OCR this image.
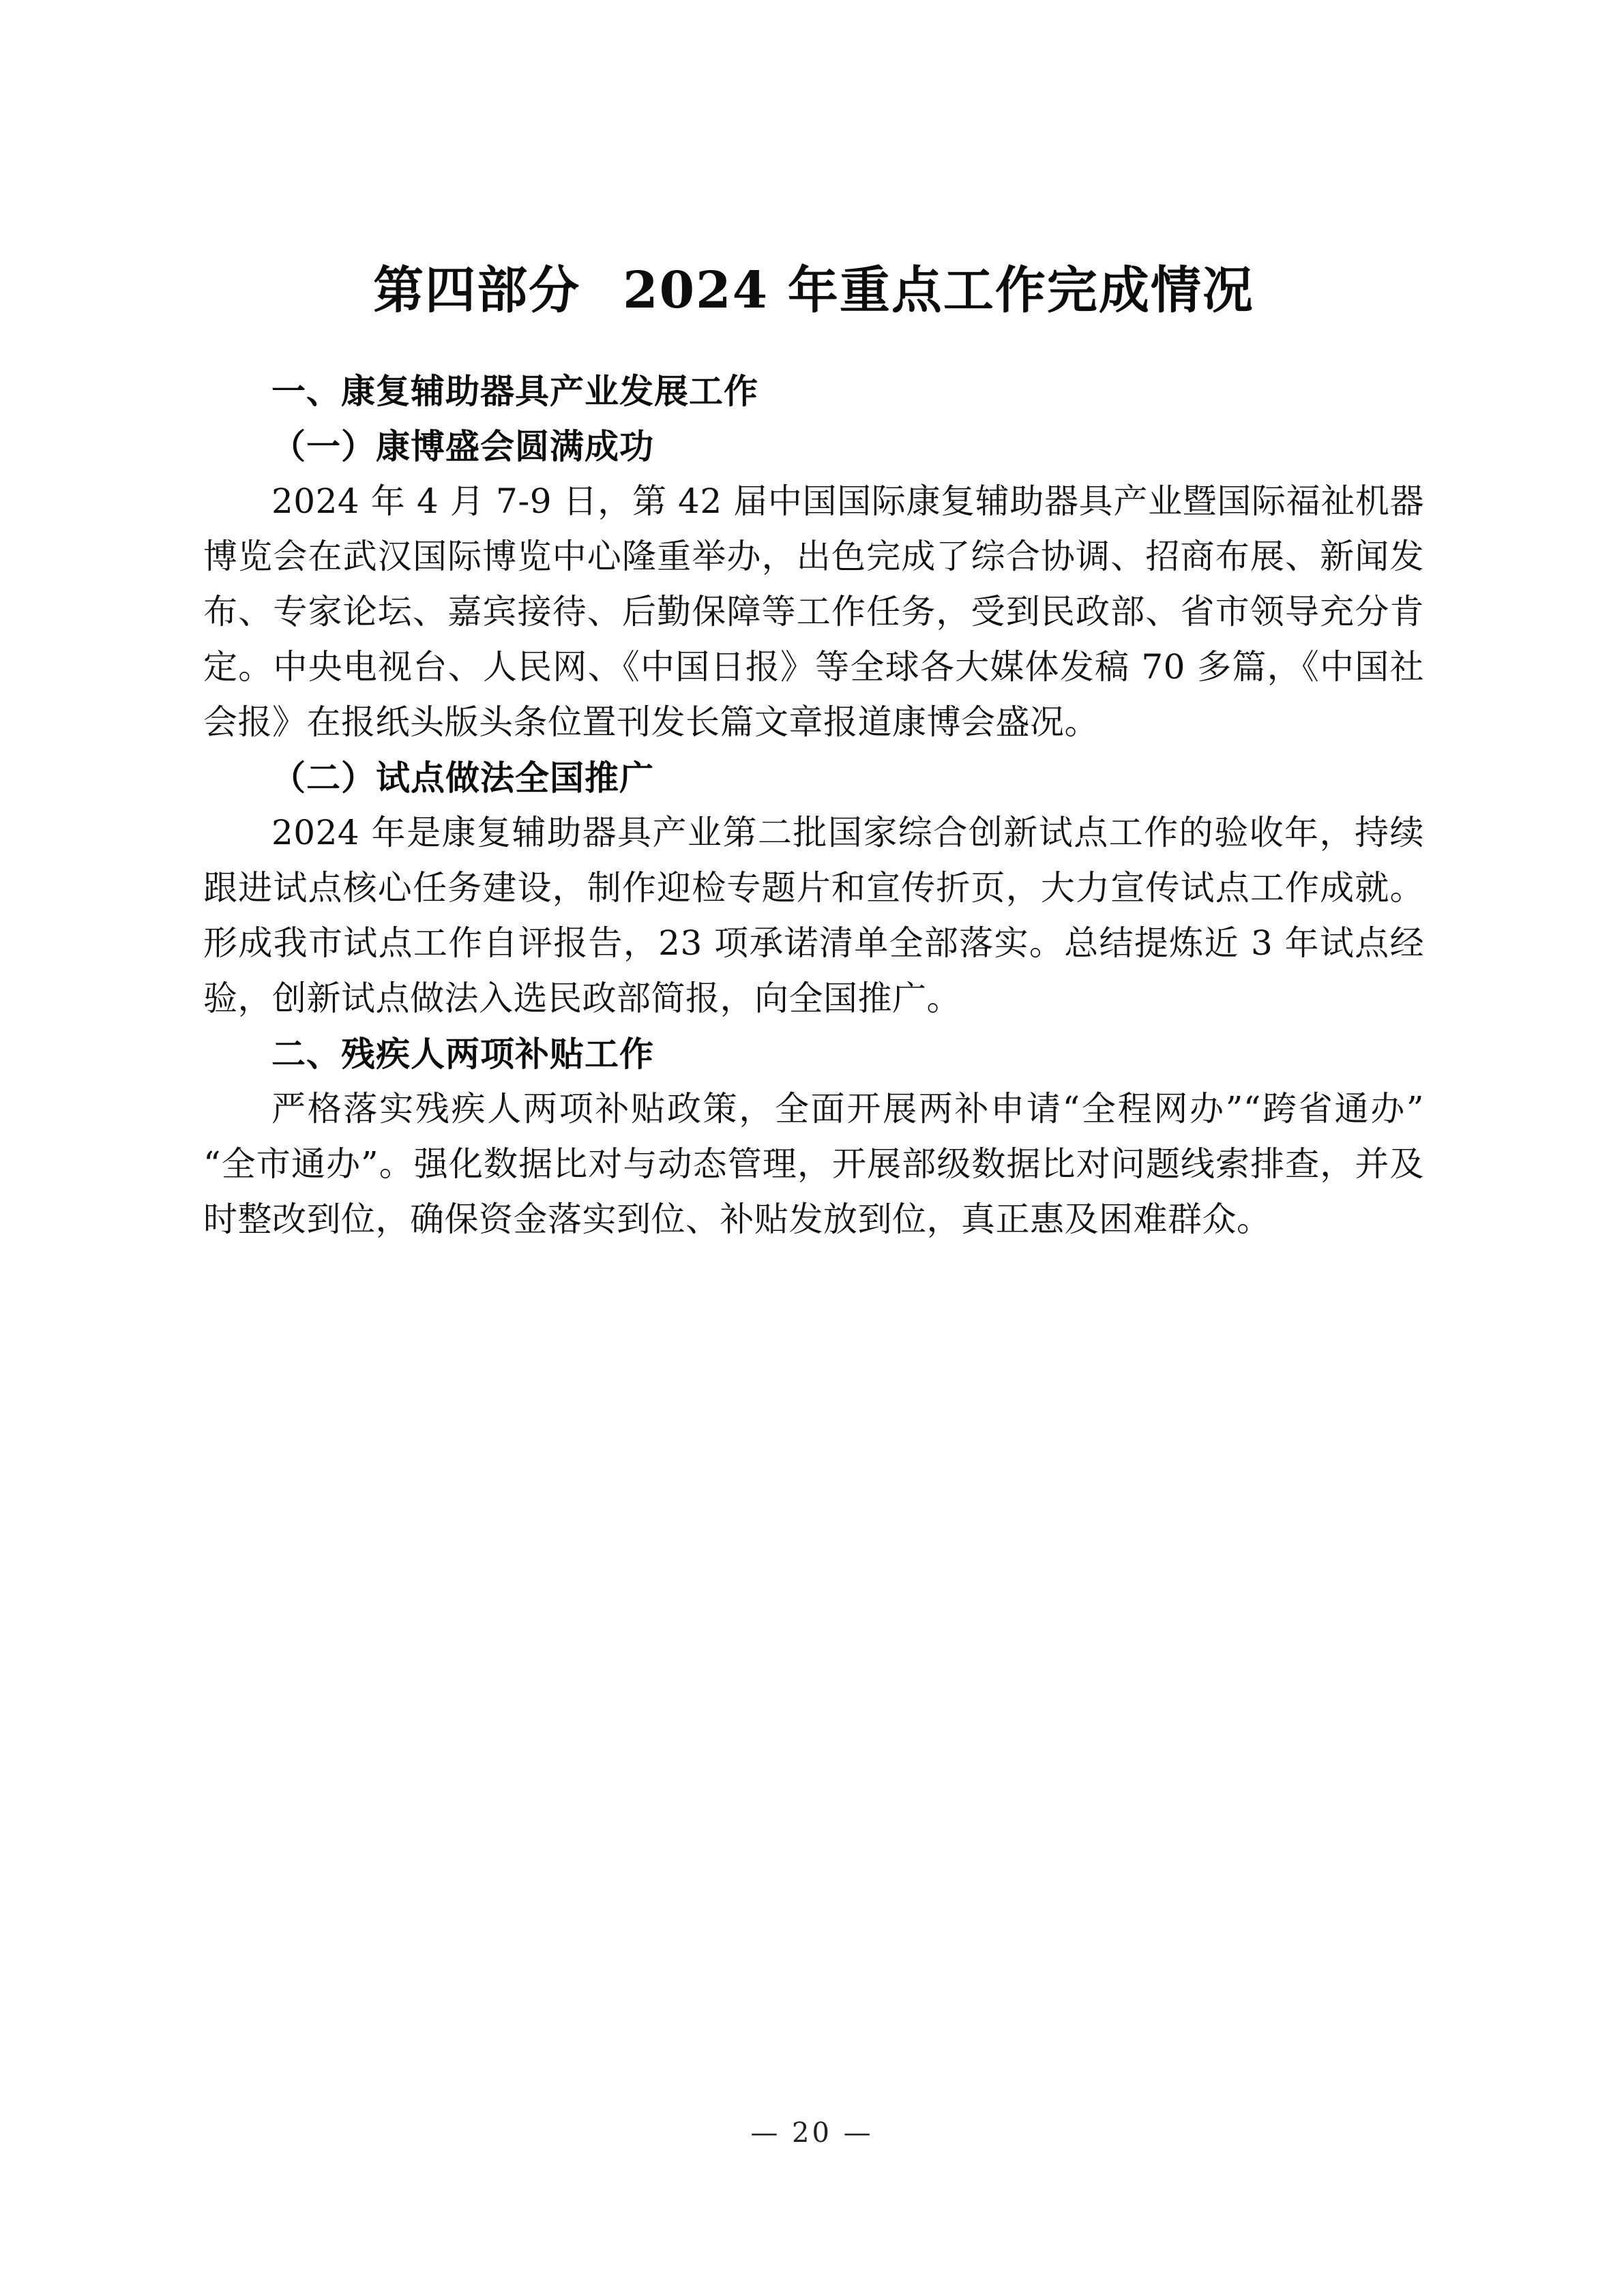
第四部分 2024 年重点工作完成情况
一、康复辅助器具产业发展工作
（一）康博盛会圆满成功

2024 年 4 月 7-9 日，第 42 届中国国际康复辅助器具产业暨国际福祉机器博览会在武汉国际博览中心隆重举办，出色完成了综合协调、招商布展、新闻发布、专家论坛、嘉宾接待、后勤保障等工作任务，受到民政部、省市领导充分肯定。中央电视台、人民网、《中国日报》等全球各大媒体发稿 70 多篇，《中国社会报》在报纸头版头条位置刊发长篇文章报道康博会盛况。

（二）试点做法全国推广

2024 年是康复辅助器具产业第二批国家综合创新试点工作的验收年，持续跟进试点核心任务建设，制作迎检专题片和宣传折页，大力宣传试点工作成就。形成我市试点工作自评报告，23 项承诺清单全部落实。总结提炼近 3 年试点经验，创新试点做法入选民政部简报，向全国推广。

二、残疾人两项补贴工作

严格落实残疾人两项补贴政策，全面开展两补申请“全程网办”“跨省通办”“全市通办”。强化数据比对与动态管理，开展部级数据比对问题线索排查，并及时整改到位，确保资金落实到位、补贴发放到位，真正惠及困难群众。

— 20 —
